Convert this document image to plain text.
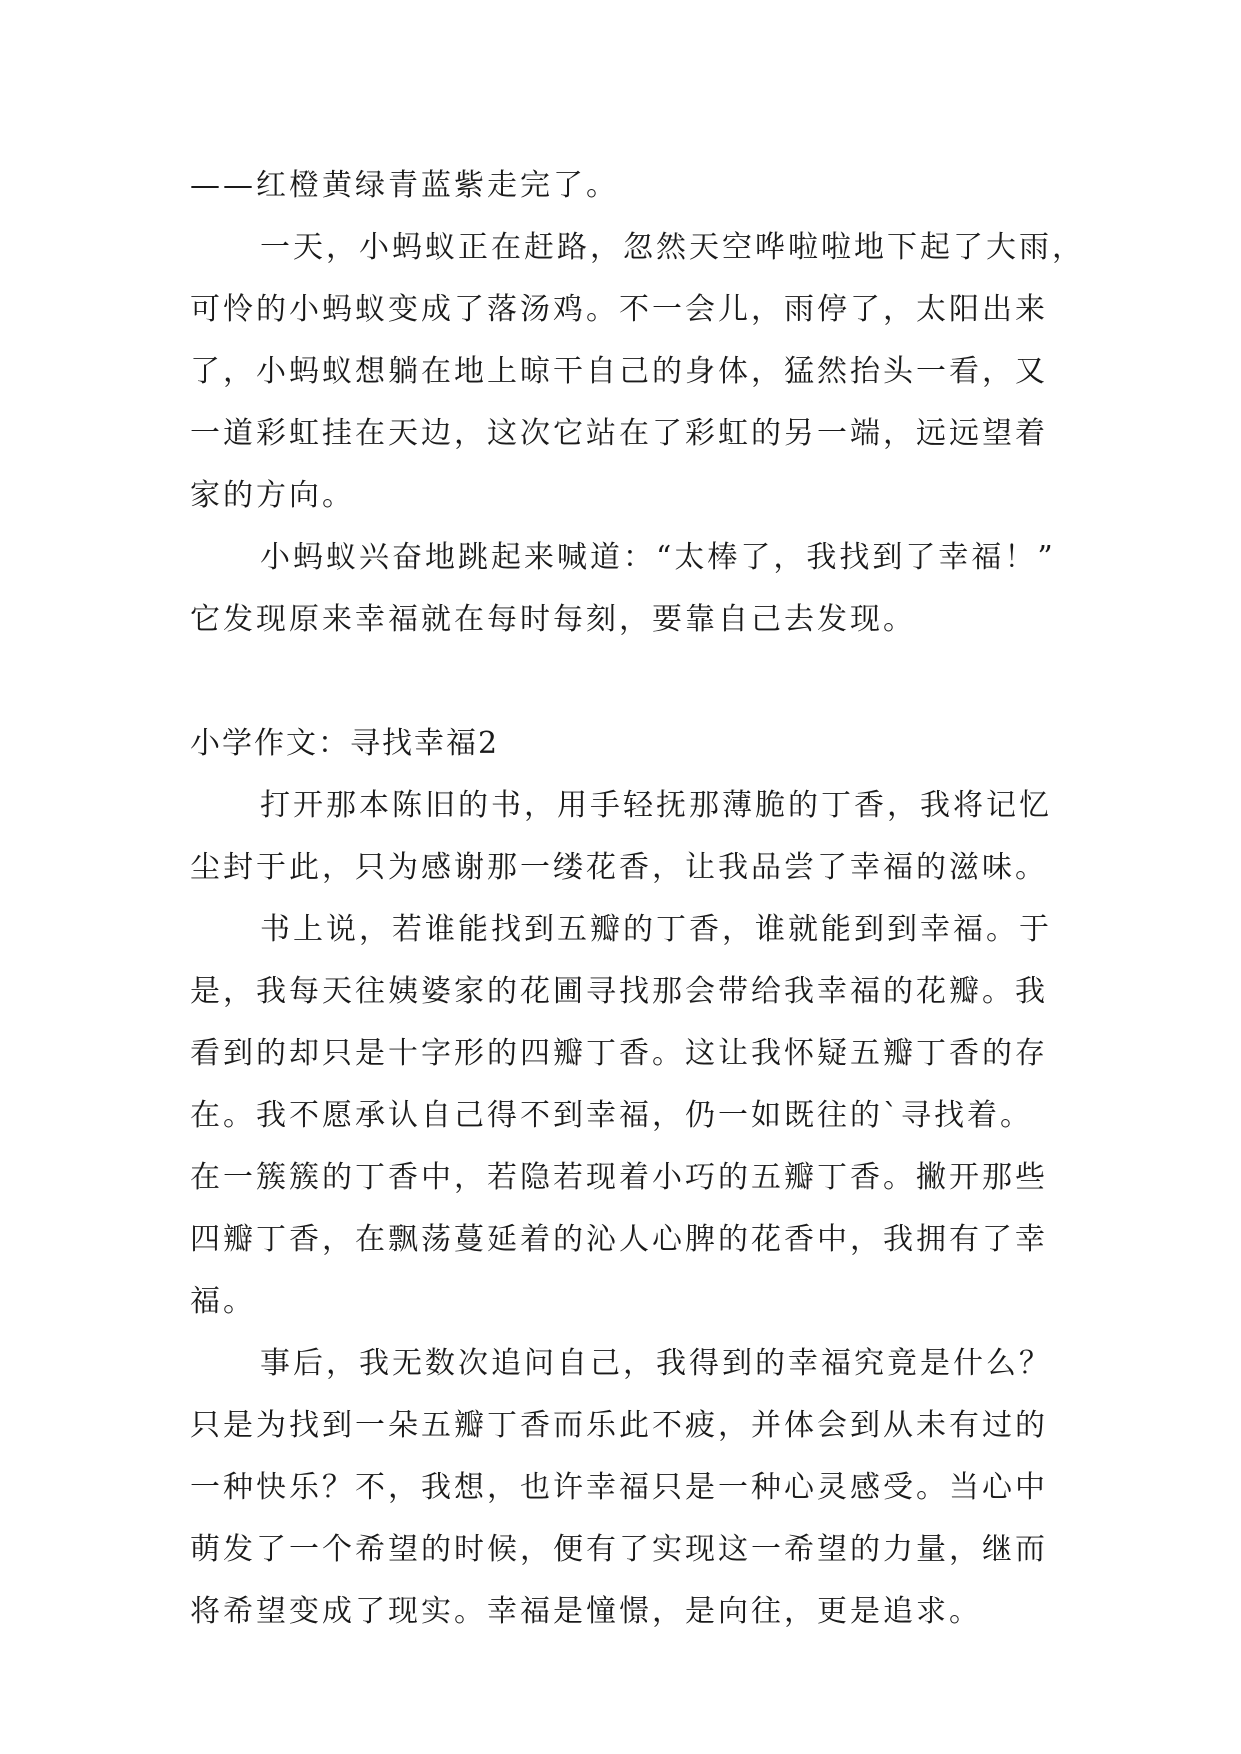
——红橙黄绿青蓝紫走完了。
一天，小蚂蚁正在赶路，忽然天空哗啦啦地下起了大雨，
可怜的小蚂蚁变成了落汤鸡。不一会儿，雨停了，太阳出来
了，小蚂蚁想躺在地上晾干自己的身体，猛然抬头一看，又
一道彩虹挂在天边，这次它站在了彩虹的另一端，远远望着
家的方向。
小蚂蚁兴奋地跳起来喊道：“太棒了，我找到了幸福！”
它发现原来幸福就在每时每刻，要靠自己去发现。
小学作文：寻找幸福2
打开那本陈旧的书，用手轻抚那薄脆的丁香，我将记忆
尘封于此，只为感谢那一缕花香，让我品尝了幸福的滋味。
书上说，若谁能找到五瓣的丁香，谁就能到到幸福。于
是，我每天往姨婆家的花圃寻找那会带给我幸福的花瓣。我
看到的却只是十字形的四瓣丁香。这让我怀疑五瓣丁香的存
在。我不愿承认自己得不到幸福，仍一如既往的`寻找着。
在一簇簇的丁香中，若隐若现着小巧的五瓣丁香。撇开那些
四瓣丁香，在飘荡蔓延着的沁人心脾的花香中，我拥有了幸
福。
事后，我无数次追问自己，我得到的幸福究竟是什么？
只是为找到一朵五瓣丁香而乐此不疲，并体会到从未有过的
一种快乐？不，我想，也许幸福只是一种心灵感受。当心中
萌发了一个希望的时候，便有了实现这一希望的力量，继而
将希望变成了现实。幸福是憧憬，是向往，更是追求。
